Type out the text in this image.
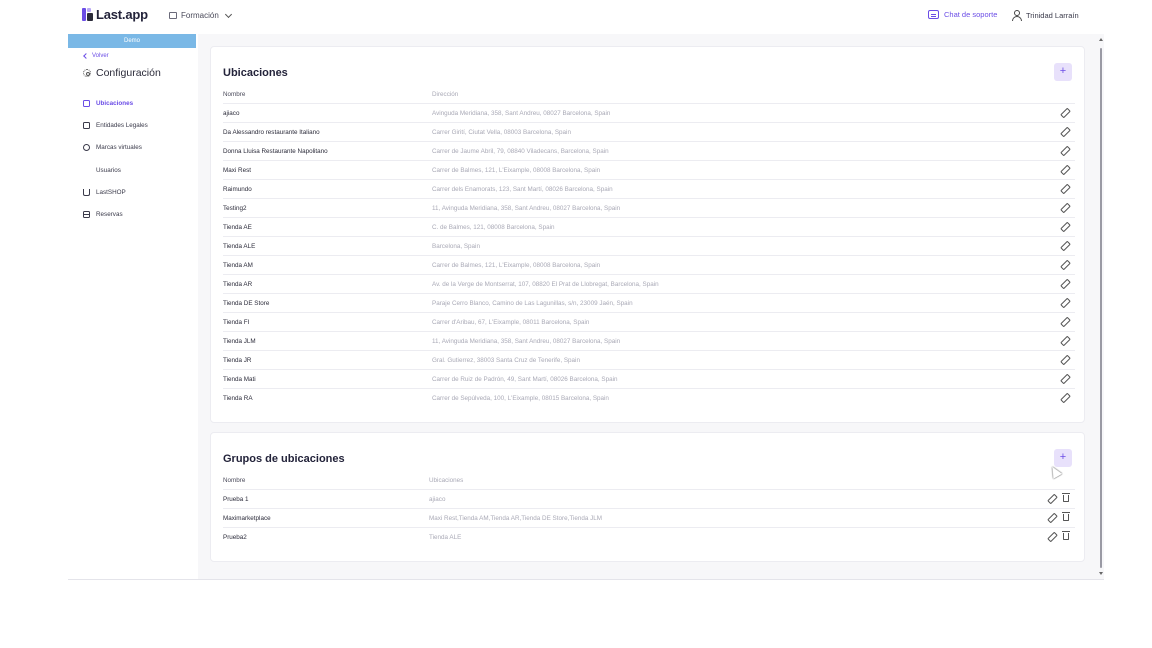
Last.app	Formación	Chat de soporte	Trinidad Larraín
Demo
Volver
Configuración
Ubicaciones
Entidades Legales
Marcas virtuales
Usuarios
LastSHOP
Reservas
Ubicaciones	+
Nombre	Dirección
ajiaco	Avinguda Meridiana, 358, Sant Andreu, 08027 Barcelona, Spain
Da Alessandro restaurante Italiano	Carrer Girití, Ciutat Vella, 08003 Barcelona, Spain
Donna Lluisa Restaurante Napolitano	Carrer de Jaume Abril, 79, 08840 Viladecans, Barcelona, Spain
Maxi Rest	Carrer de Balmes, 121, L'Eixample, 08008 Barcelona, Spain
Raimundo	Carrer dels Enamorats, 123, Sant Martí, 08026 Barcelona, Spain
Testing2	11, Avinguda Meridiana, 358, Sant Andreu, 08027 Barcelona, Spain
Tienda AE	C. de Balmes, 121, 08008 Barcelona, Spain
Tienda ALE	Barcelona, Spain
Tienda AM	Carrer de Balmes, 121, L'Eixample, 08008 Barcelona, Spain
Tienda AR	Av. de la Verge de Montserrat, 107, 08820 El Prat de Llobregat, Barcelona, Spain
Tienda DE Store	Paraje Cerro Blanco, Camino de Las Lagunillas, s/n, 23009 Jaén, Spain
Tienda FI	Carrer d'Aribau, 67, L'Eixample, 08011 Barcelona, Spain
Tienda JLM	11, Avinguda Meridiana, 358, Sant Andreu, 08027 Barcelona, Spain
Tienda JR	Gral. Gutierrez, 38003 Santa Cruz de Tenerife, Spain
Tienda Mati	Carrer de Ruiz de Padrón, 49, Sant Martí, 08026 Barcelona, Spain
Tienda RA	Carrer de Sepúlveda, 100, L'Eixample, 08015 Barcelona, Spain
Grupos de ubicaciones	+
Nombre	Ubicaciones
Prueba 1	ajiaco
Maximarketplace	Maxi Rest,Tienda AM,Tienda AR,Tienda DE Store,Tienda JLM
Prueba2	Tienda ALE
